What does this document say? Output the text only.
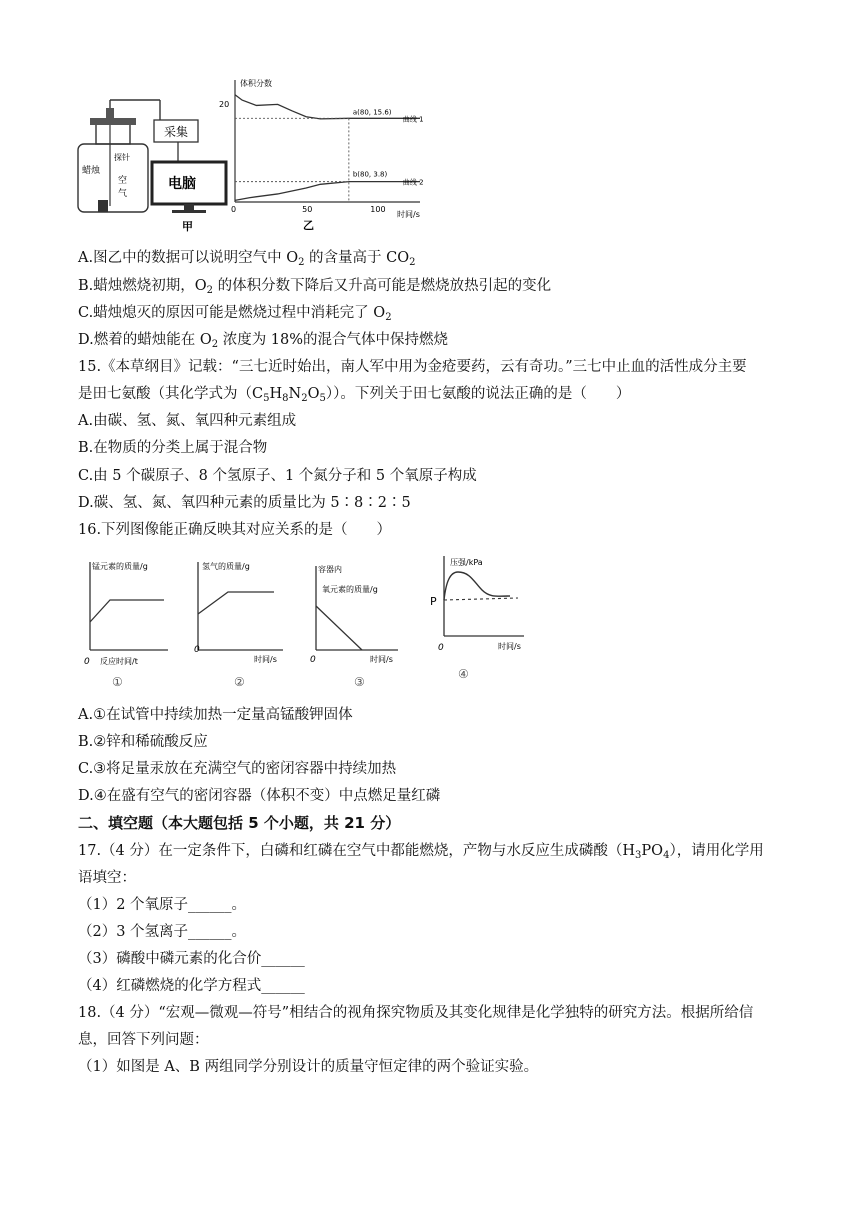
蜡烛
探针
空
气
采集
电脑
甲
体积分数
时间/s
20
0	50	100
a(80, 15.6)
b(80, 3.8)
曲线 1
曲线 2
乙
A.图乙中的数据可以说明空气中 $O_2$ 的含量高于 $CO_2$
B.蜡烛燃烧初期，$O_2$ 的体积分数下降后又升高可能是燃烧放热引起的变化
C.蜡烛熄灭的原因可能是燃烧过程中消耗完了 $O_2$
D.燃着的蜡烛能在 $O_2$ 浓度为 18%的混合气体中保持燃烧
15.《本草纲目》记载：“三七近时始出，南人军中用为金疮要药，云有奇功。”三七中止血的活性成分主要
是田七氨酸（其化学式为$(C_5H_8N_2O_5)$）。下列关于田七氨酸的说法正确的是（　　）
A.由碳、氢、氮、氧四种元素组成
B.在物质的分类上属于混合物
C.由 5 个碳原子、8 个氢原子、1 个氮分子和 5 个氧原子构成
D.碳、氢、氮、氧四种元素的质量比为 5∶8∶2∶5
16.下列图像能正确反映其对应关系的是（　　）
锰元素的质量/g
0 反应时间/t
①
氢气的质量/g
0
时间/s
②
容器内
氧元素的质量/g
0	时间/s
③
压强/kPa
P
0	时间/s
④
A.①在试管中持续加热一定量高锰酸钾固体
B.②锌和稀硫酸反应
C.③将足量汞放在充满空气的密闭容器中持续加热
D.④在盛有空气的密闭容器（体积不变）中点燃足量红磷
二、填空题（本大题包括 5 个小题，共 21 分）
17.（4 分）在一定条件下，白磷和红磷在空气中都能燃烧，产物与水反应生成磷酸$(H_3PO_4)$，请用化学用
语填空：
（1）2 个氧原子______。
（2）3 个氢离子______。
（3）磷酸中磷元素的化合价______
（4）红磷燃烧的化学方程式______
18.（4 分）“宏观—微观—符号”相结合的视角探究物质及其变化规律是化学独特的研究方法。根据所给信
息，回答下列问题：
（1）如图是 A、B 两组同学分别设计的质量守恒定律的两个验证实验。
